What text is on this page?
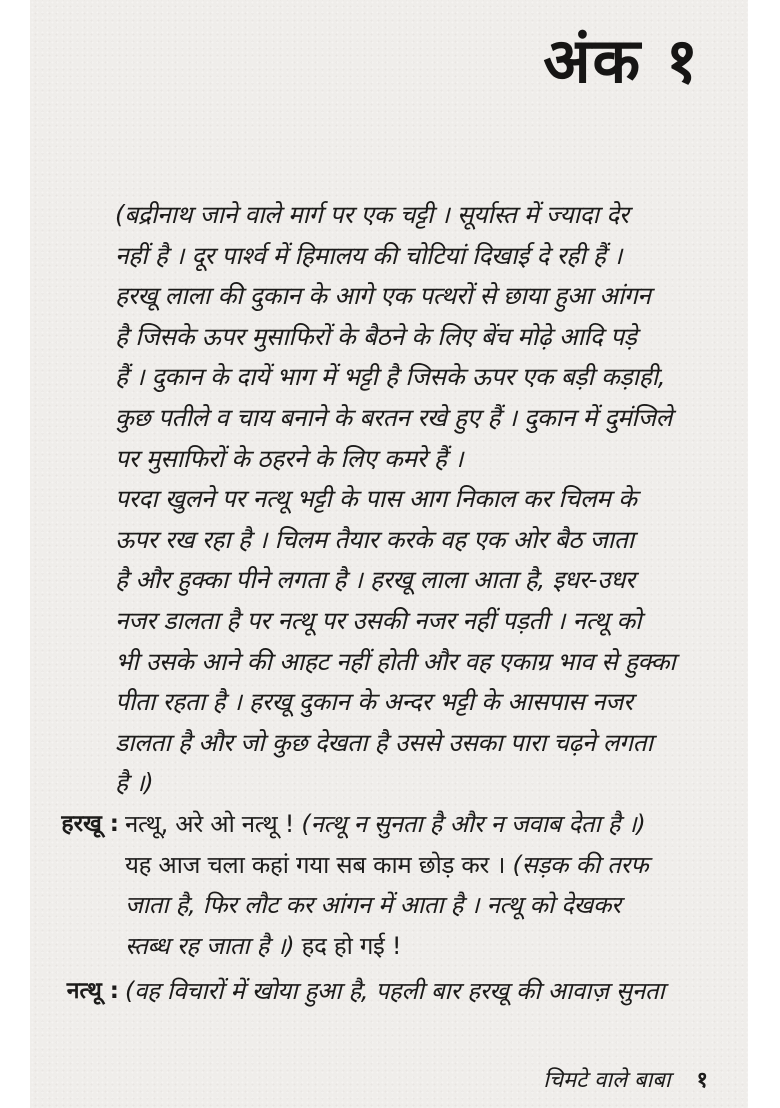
अंक १
(बद्रीनाथ जाने वाले मार्ग पर एक चट्टी । सूर्यास्त में ज्यादा देर
नहीं है । दूर पार्श्व में हिमालय की चोटियां दिखाई दे रही हैं ।
हरखू लाला की दुकान के आगे एक पत्थरों से छाया हुआ आंगन
है जिसके ऊपर मुसाफिरों के बैठने के लिए बेंच मोढ़े आदि पड़े
हैं । दुकान के दायें भाग में भट्टी है जिसके ऊपर एक बड़ी कड़ाही,
कुछ पतीले व चाय बनाने के बरतन रखे हुए हैं । दुकान में दुमंजिले
पर मुसाफिरों के ठहरने के लिए कमरे हैं ।
परदा खुलने पर नत्थू भट्टी के पास आग निकाल कर चिलम के
ऊपर रख रहा है । चिलम तैयार करके वह एक ओर बैठ जाता
है और हुक्का पीने लगता है । हरखू लाला आता है, इधर-उधर
नजर डालता है पर नत्थू पर उसकी नजर नहीं पड़ती । नत्थू को
भी उसके आने की आहट नहीं होती और वह एकाग्र भाव से हुक्का
पीता रहता है । हरखू दुकान के अन्दर भट्टी के आसपास नजर
डालता है और जो कुछ देखता है उससे उसका पारा चढ़ने लगता
है ।)
हरखू : नत्थू, अरे ओ नत्थू ! (नत्थू न सुनता है और न जवाब देता है ।)
यह आज चला कहां गया सब काम छोड़ कर । (सड़क की तरफ
जाता है, फिर लौट कर आंगन में आता है । नत्थू को देखकर
स्तब्ध रह जाता है ।) हद हो गई !
नत्थू : (वह विचारों में खोया हुआ है, पहली बार हरखू की आवाज़ सुनता
चिमटे वाले बाबा १
